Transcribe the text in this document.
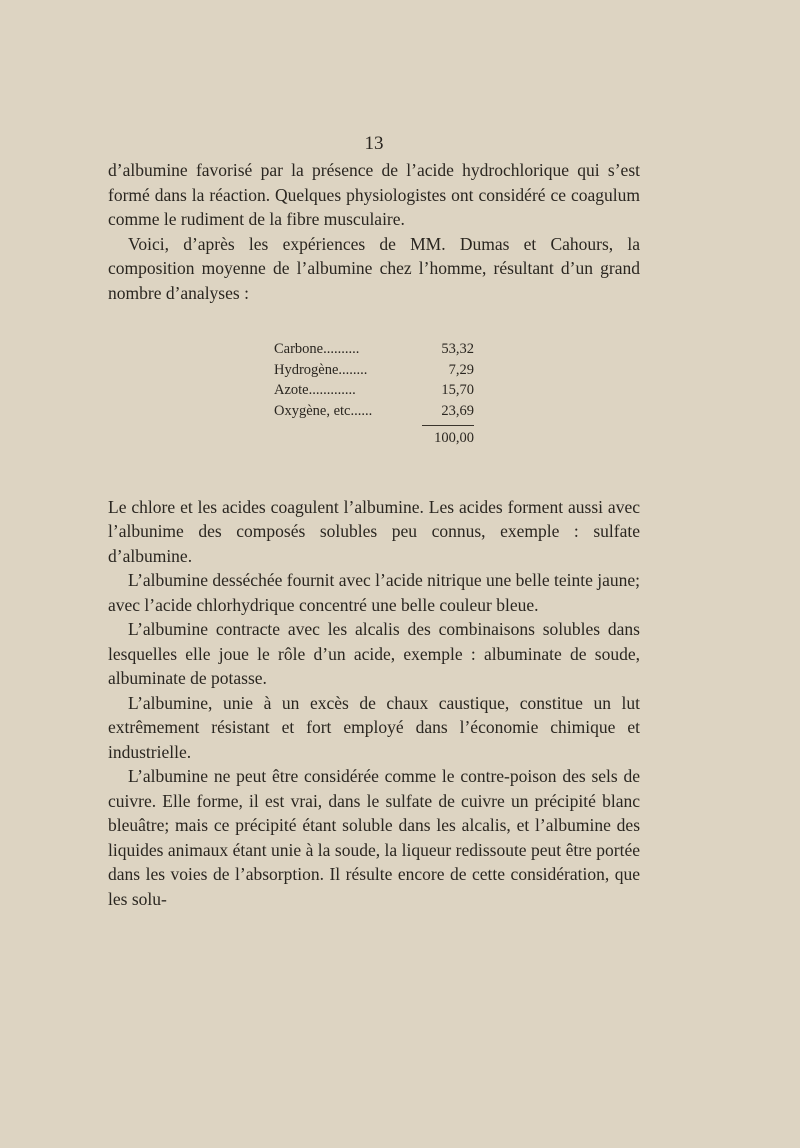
13

d’albumine favorisé par la présence de l’acide hydrochlorique qui s’est formé dans la réaction. Quelques physiologistes ont considéré ce coagulum comme le rudiment de la fibre musculaire.

Voici, d’après les expériences de MM. Dumas et Cahours, la composition moyenne de l’albumine chez l’homme, résultant d’un grand nombre d’analyses :

Carbone..........	53,32
Hydrogène........	7,29
Azote.............	15,70
Oxygène, etc......	23,69
100,00

Le chlore et les acides coagulent l’albumine. Les acides forment aussi avec l’albunime des composés solubles peu connus, exemple : sulfate d’albumine.

L’albumine desséchée fournit avec l’acide nitrique une belle teinte jaune; avec l’acide chlorhydrique concentré une belle couleur bleue.

L’albumine contracte avec les alcalis des combinaisons solubles dans lesquelles elle joue le rôle d’un acide, exemple : albuminate de soude, albuminate de potasse.

L’albumine, unie à un excès de chaux caustique, constitue un lut extrêmement résistant et fort employé dans l’économie chimique et industrielle.

L’albumine ne peut être considérée comme le contre-poison des sels de cuivre. Elle forme, il est vrai, dans le sulfate de cuivre un précipité blanc bleuâtre; mais ce précipité étant soluble dans les alcalis, et l’albumine des liquides animaux étant unie à la soude, la liqueur redissoute peut être portée dans les voies de l’absorption. Il résulte encore de cette considération, que les solu-
